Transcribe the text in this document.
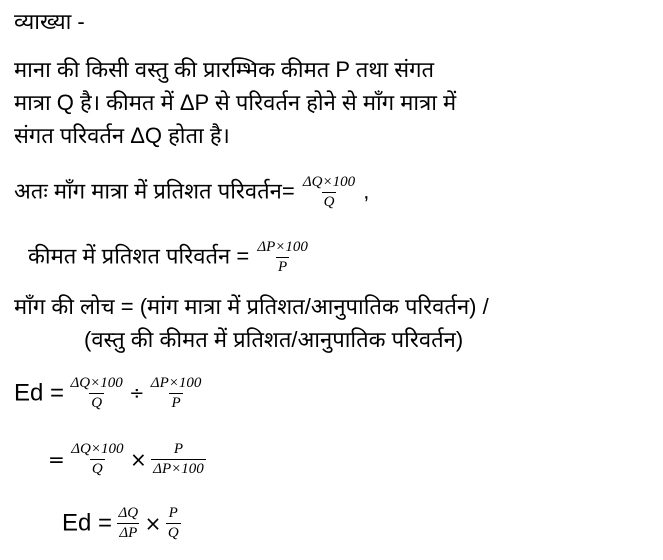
व्याख्या -
माना की किसी वस्तु की प्रारम्भिक कीमत P तथा संगत
मात्रा Q है। कीमत में ΔP से परिवर्तन होने से माँग मात्रा में
संगत परिवर्तन ΔQ होता है।
अतः माँग मात्रा में प्रतिशत परिवर्तन= $\frac{\Delta Q\times 100}{Q}$ ,
कीमत में प्रतिशत परिवर्तन = $\frac{\Delta P\times 100}{P}$
माँग की लोच = (मांग मात्रा में प्रतिशत/आनुपातिक परिवर्तन) /
(वस्तु की कीमत में प्रतिशत/आनुपातिक परिवर्तन)
$Ed = \frac{\Delta Q\times 100}{Q} \div \frac{\Delta P\times 100}{P}$
= $\frac{\Delta Q\times 100}{Q} \times \frac{P}{\Delta P\times 100}$
$Ed = \frac{\Delta Q}{\Delta P} \times \frac{P}{Q}$
